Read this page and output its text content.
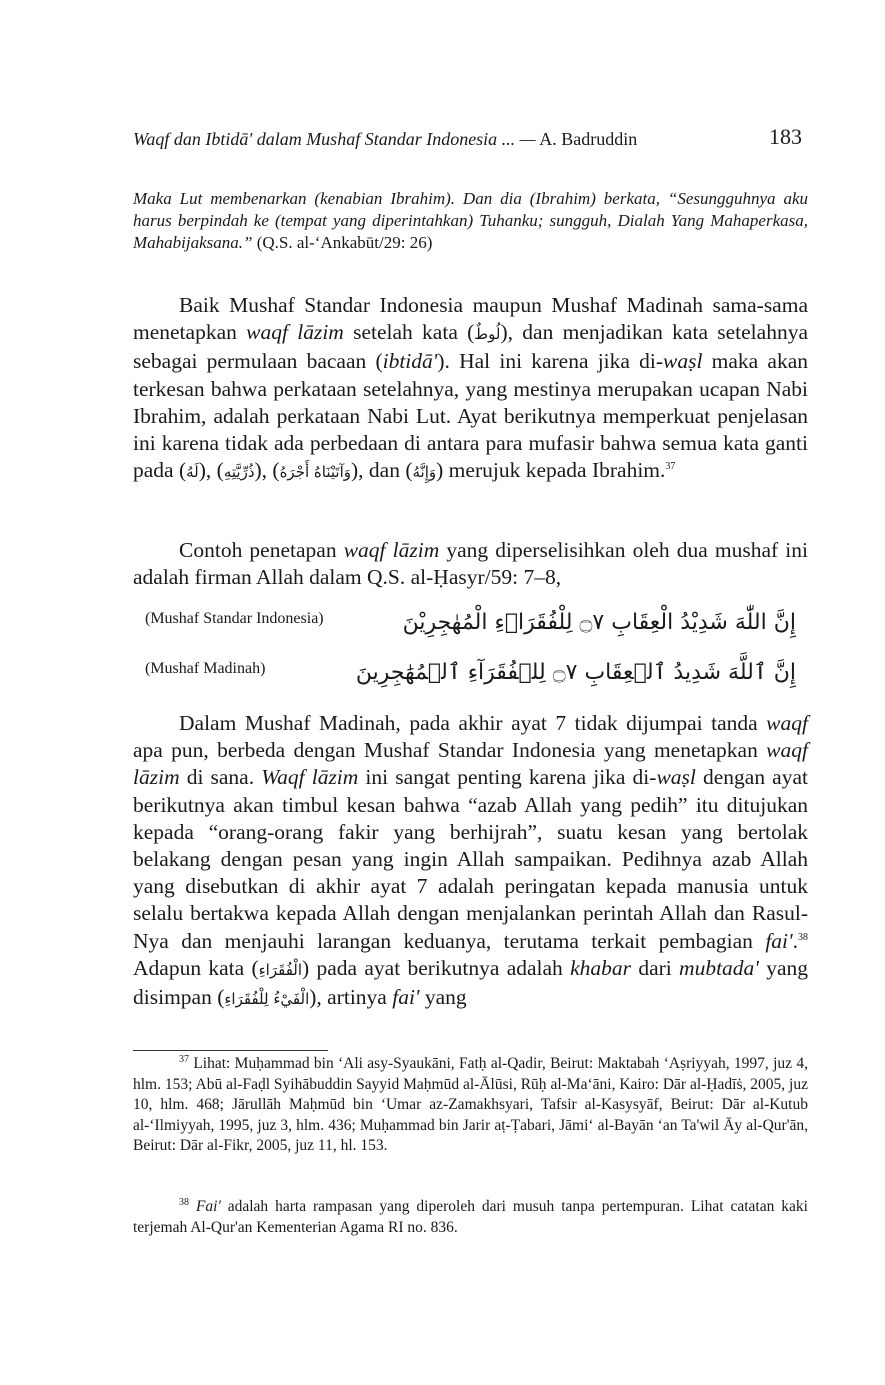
Waqf dan Ibtidā' dalam Mushaf Standar Indonesia ... — A. Badruddin	183
Maka Lut membenarkan (kenabian Ibrahim). Dan dia (Ibrahim) berkata, “Sesungguhnya aku harus berpindah ke (tempat yang diperintahkan) Tuhanku; sungguh, Dialah Yang Mahaperkasa, Mahabijaksana.” (Q.S. al-‘Ankabūt/29: 26)
Baik Mushaf Standar Indonesia maupun Mushaf Madinah sama-sama menetapkan waqf lāzim setelah kata (لُوطٌ), dan menjadikan kata setelahnya sebagai permulaan bacaan (ibtidā'). Hal ini karena jika di-waṣl maka akan terkesan bahwa perkataan setelahnya, yang mestinya merupakan ucapan Nabi Ibrahim, adalah perkataan Nabi Lut. Ayat berikutnya memperkuat penjelasan ini karena tidak ada perbedaan di antara para mufasir bahwa semua kata ganti pada (لَهُ), (ذُرِّيَّتِهِ), (وَآتَيْنَاهُ أَجْرَهُ), dan (وَإِنَّهُ) merujuk kepada Ibrahim.$^{37}$
Contoh penetapan waqf lāzim yang diperselisihkan oleh dua mushaf ini adalah firman Allah dalam Q.S. al-Ḥasyr/59: 7–8,
(Mushaf Standar Indonesia)	إِنَّ اللّٰهَ شَدِيْدُ الْعِقَابِ ۝٧ لِلْفُقَرَاۤءِ الْمُهٰجِرِيْنَ
(Mushaf Madinah)	إِنَّ ٱللَّهَ شَدِيدُ ٱلۡعِقَابِ ۝٧ لِلۡفُقَرَآءِ ٱلۡمُهَٰجِرِينَ
Dalam Mushaf Madinah, pada akhir ayat 7 tidak dijumpai tanda waqf apa pun, berbeda dengan Mushaf Standar Indonesia yang menetapkan waqf lāzim di sana. Waqf lāzim ini sangat penting karena jika di-waṣl dengan ayat berikutnya akan timbul kesan bahwa “azab Allah yang pedih” itu ditujukan kepada “orang-orang fakir yang berhijrah”, suatu kesan yang bertolak belakang dengan pesan yang ingin Allah sampaikan. Pedihnya azab Allah yang disebutkan di akhir ayat 7 adalah peringatan kepada manusia untuk selalu bertakwa kepada Allah dengan menjalankan perintah Allah dan Rasul-Nya dan menjauhi larangan keduanya, terutama terkait pembagian fai'.$^{38}$ Adapun kata (الْفُقَرَاءِ) pada ayat berikutnya adalah khabar dari mubtada' yang disimpan (الْفَيْءُ لِلْفُقَرَاءِ), artinya fai' yang
$^{37}$ Lihat: Muḥammad bin ‘Ali asy-Syaukāni, Fatḥ al-Qadir, Beirut: Maktabah ‘Aṣriyyah, 1997, juz 4, hlm. 153; Abū al-Faḍl Syihābuddin Sayyid Maḥmūd al-Ālūsi, Rūḥ al-Ma‘āni, Kairo: Dār al-Ḥadīṡ, 2005, juz 10, hlm. 468; Jārullāh Maḥmūd bin ‘Umar az-Zamakhsyari, Tafsir al-Kasysyāf, Beirut: Dār al-Kutub al-‘Ilmiyyah, 1995, juz 3, hlm. 436; Muḥammad bin Jarir aṭ-Ṭabari, Jāmi‘ al-Bayān ‘an Ta'wil Āy al-Qur'ān, Beirut: Dār al-Fikr, 2005, juz 11, hl. 153.
$^{38}$ Fai' adalah harta rampasan yang diperoleh dari musuh tanpa pertempuran. Lihat catatan kaki terjemah Al-Qur'an Kementerian Agama RI no. 836.
